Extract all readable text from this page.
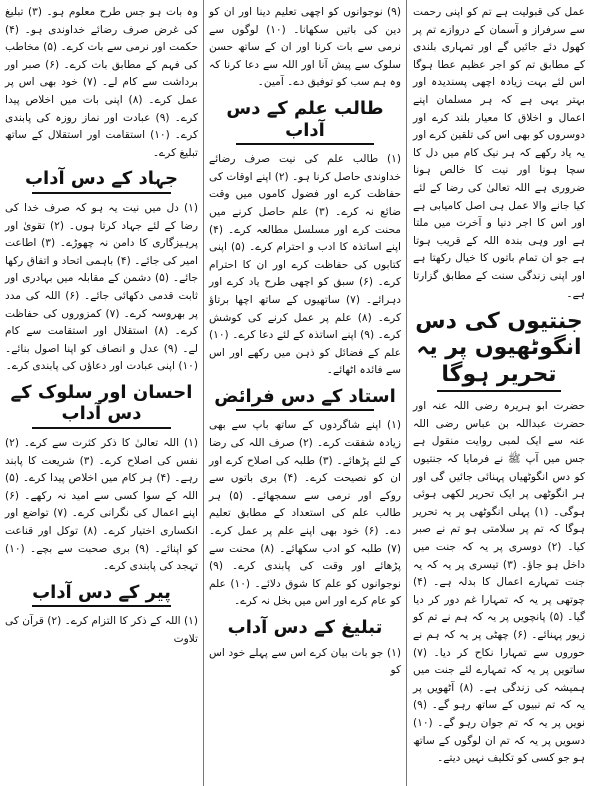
عمل کی قبولیت ہے تم کو اپنی رحمت سے سرفراز و آسمان کے دروازے تم پر کھول دئے جائیں گے اور تمہاری بلندی کے مطابق تم کو اجر عظیم عطا ہوگا اس لئے بہت زیادہ اچھی پسندیدہ اور بہتر یہی ہے کہ ہر مسلمان اپنے اعمال و اخلاق کا معیار بلند کرے اور دوسروں کو بھی اس کی تلقین کرے اور یہ یاد رکھے کہ ہر نیک کام میں دل کا سچا ہونا اور نیت کا خالص ہونا ضروری ہے اللہ تعالیٰ کی رضا کے لئے کیا جانے والا عمل ہی اصل کامیابی ہے اور اس کا اجر دنیا و آخرت میں ملتا ہے اور وہی بندہ اللہ کے قریب ہوتا ہے جو ان تمام باتوں کا خیال رکھتا ہے اور اپنی زندگی سنت کے مطابق گزارتا ہے۔

جنتیوں کی دس انگوٹھیوں پر یہ تحریر ہوگا

حضرت ابو ہریرہ رضی اللہ عنہ اور حضرت عبداللہ بن عباس رضی اللہ عنہ سے ایک لمبی روایت منقول ہے جس میں آپ ﷺ نے فرمایا کہ جنتیوں کو دس انگوٹھیاں پہنائی جائیں گی اور ہر انگوٹھی پر ایک تحریر لکھی ہوئی ہوگی۔ (۱) پہلی انگوٹھی پر یہ تحریر ہوگا کہ تم پر سلامتی ہو تم نے صبر کیا۔ (۲) دوسری پر یہ کہ جنت میں داخل ہو جاؤ۔ (۳) تیسری پر یہ کہ یہ جنت تمہارے اعمال کا بدلہ ہے۔ (۴) چوتھی پر یہ کہ تمہارا غم دور کر دیا گیا۔ (۵) پانچویں پر یہ کہ ہم نے تم کو زیور پہنائے۔ (۶) چھٹی پر یہ کہ ہم نے حوروں سے تمہارا نکاح کر دیا۔ (۷) ساتویں پر یہ کہ تمہارے لئے جنت میں ہمیشہ کی زندگی ہے۔ (۸) آٹھویں پر یہ کہ تم نبیوں کے ساتھ رہو گے۔ (۹) نویں پر یہ کہ تم جوان رہو گے۔ (۱۰) دسویں پر یہ کہ تم ان لوگوں کے ساتھ ہو جو کسی کو تکلیف نہیں دیتے۔

(۹) نوجوانوں کو اچھی تعلیم دینا اور ان کو دین کی باتیں سکھانا۔ (۱۰) لوگوں سے نرمی سے بات کرنا اور ان کے ساتھ حسن سلوک سے پیش آنا اور اللہ سے دعا کرنا کہ وہ ہم سب کو توفیق دے۔ آمین۔

طالب علم کے دس آداب

(۱) طالب علم کی نیت صرف رضائے خداوندی حاصل کرنا ہو۔ (۲) اپنے اوقات کی حفاظت کرے اور فضول کاموں میں وقت ضائع نہ کرے۔ (۳) علم حاصل کرنے میں محنت کرے اور مسلسل مطالعہ کرے۔ (۴) اپنے اساتذہ کا ادب و احترام کرے۔ (۵) اپنی کتابوں کی حفاظت کرے اور ان کا احترام کرے۔ (۶) سبق کو اچھی طرح یاد کرے اور دہرائے۔ (۷) ساتھیوں کے ساتھ اچھا برتاؤ کرے۔ (۸) علم پر عمل کرنے کی کوشش کرے۔ (۹) اپنے اساتذہ کے لئے دعا کرے۔ (۱۰) علم کے فضائل کو ذہن میں رکھے اور اس سے فائدہ اٹھائے۔

استاد کے دس فرائض

(۱) اپنے شاگردوں کے ساتھ باپ سے بھی زیادہ شفقت کرے۔ (۲) صرف اللہ کی رضا کے لئے پڑھائے۔ (۳) طلبہ کی اصلاح کرے اور ان کو نصیحت کرے۔ (۴) بری باتوں سے روکے اور نرمی سے سمجھائے۔ (۵) ہر طالب علم کی استعداد کے مطابق تعلیم دے۔ (۶) خود بھی اپنے علم پر عمل کرے۔ (۷) طلبہ کو ادب سکھائے۔ (۸) محنت سے پڑھائے اور وقت کی پابندی کرے۔ (۹) نوجوانوں کو علم کا شوق دلائے۔ (۱۰) علم کو عام کرے اور اس میں بخل نہ کرے۔

تبلیغ کے دس آداب

(۱) جو بات بیان کرے اس سے پہلے خود اس کو

وہ بات ہو جس طرح معلوم ہو۔ (۳) تبلیغ کی غرض صرف رضائے خداوندی ہو۔ (۴) حکمت اور نرمی سے بات کرے۔ (۵) مخاطب کی فہم کے مطابق بات کرے۔ (۶) صبر اور برداشت سے کام لے۔ (۷) خود بھی اس پر عمل کرے۔ (۸) اپنی بات میں اخلاص پیدا کرے۔ (۹) عبادت اور نماز روزہ کی پابندی کرے۔ (۱۰) استقامت اور استقلال کے ساتھ تبلیغ کرے۔

جہاد کے دس آداب

(۱) دل میں نیت یہ ہو کہ صرف خدا کی رضا کے لئے جہاد کرتا ہوں۔ (۲) تقویٰ اور پرہیزگاری کا دامن نہ چھوڑے۔ (۳) اطاعت امیر کی جائے۔ (۴) باہمی اتحاد و اتفاق رکھا جائے۔ (۵) دشمن کے مقابلہ میں بہادری اور ثابت قدمی دکھائی جائے۔ (۶) اللہ کی مدد پر بھروسہ کرے۔ (۷) کمزوروں کی حفاظت کرے۔ (۸) استقلال اور استقامت سے کام لے۔ (۹) عدل و انصاف کو اپنا اصول بنائے۔ (۱۰) اپنی عبادت اور دعاؤں کی پابندی کرے۔

احسان اور سلوک کے دس آداب

(۱) اللہ تعالیٰ کا ذکر کثرت سے کرے۔ (۲) نفس کی اصلاح کرے۔ (۳) شریعت کا پابند رہے۔ (۴) ہر کام میں اخلاص پیدا کرے۔ (۵) اللہ کے سوا کسی سے امید نہ رکھے۔ (۶) اپنے اعمال کی نگرانی کرے۔ (۷) تواضع اور انکساری اختیار کرے۔ (۸) توکل اور قناعت کو اپنائے۔ (۹) بری صحبت سے بچے۔ (۱۰) تہجد کی پابندی کرے۔

پیر کے دس آداب

(۱) اللہ کے ذکر کا التزام کرے۔ (۲) قرآن کی تلاوت
